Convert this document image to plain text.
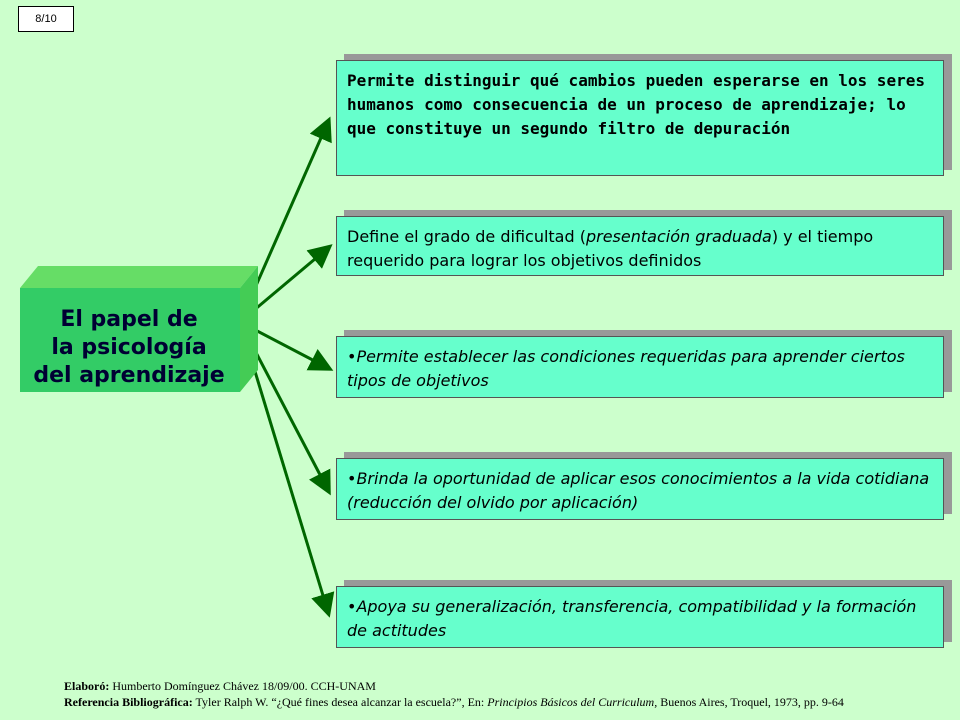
8/10
El papel de
la psicología
del aprendizaje
Permite distinguir qué cambios pueden esperarse en los seres humanos como consecuencia de un proceso de aprendizaje; lo que constituye un segundo filtro de depuración
Define el grado de dificultad (presentación graduada) y el tiempo requerido para lograr los objetivos definidos
•Permite establecer las condiciones requeridas para aprender ciertos tipos de objetivos
•Brinda la oportunidad de aplicar esos conocimientos a la vida cotidiana (reducción del olvido por aplicación)
•Apoya su generalización, transferencia, compatibilidad y la formación de actitudes
Elaboró: Humberto Domínguez Chávez 18/09/00. CCH-UNAM
Referencia Bibliográfica: Tyler Ralph W. “¿Qué fines desea alcanzar la escuela?”, En: Principios Básicos del Curriculum, Buenos Aires, Troquel, 1973, pp. 9-64
